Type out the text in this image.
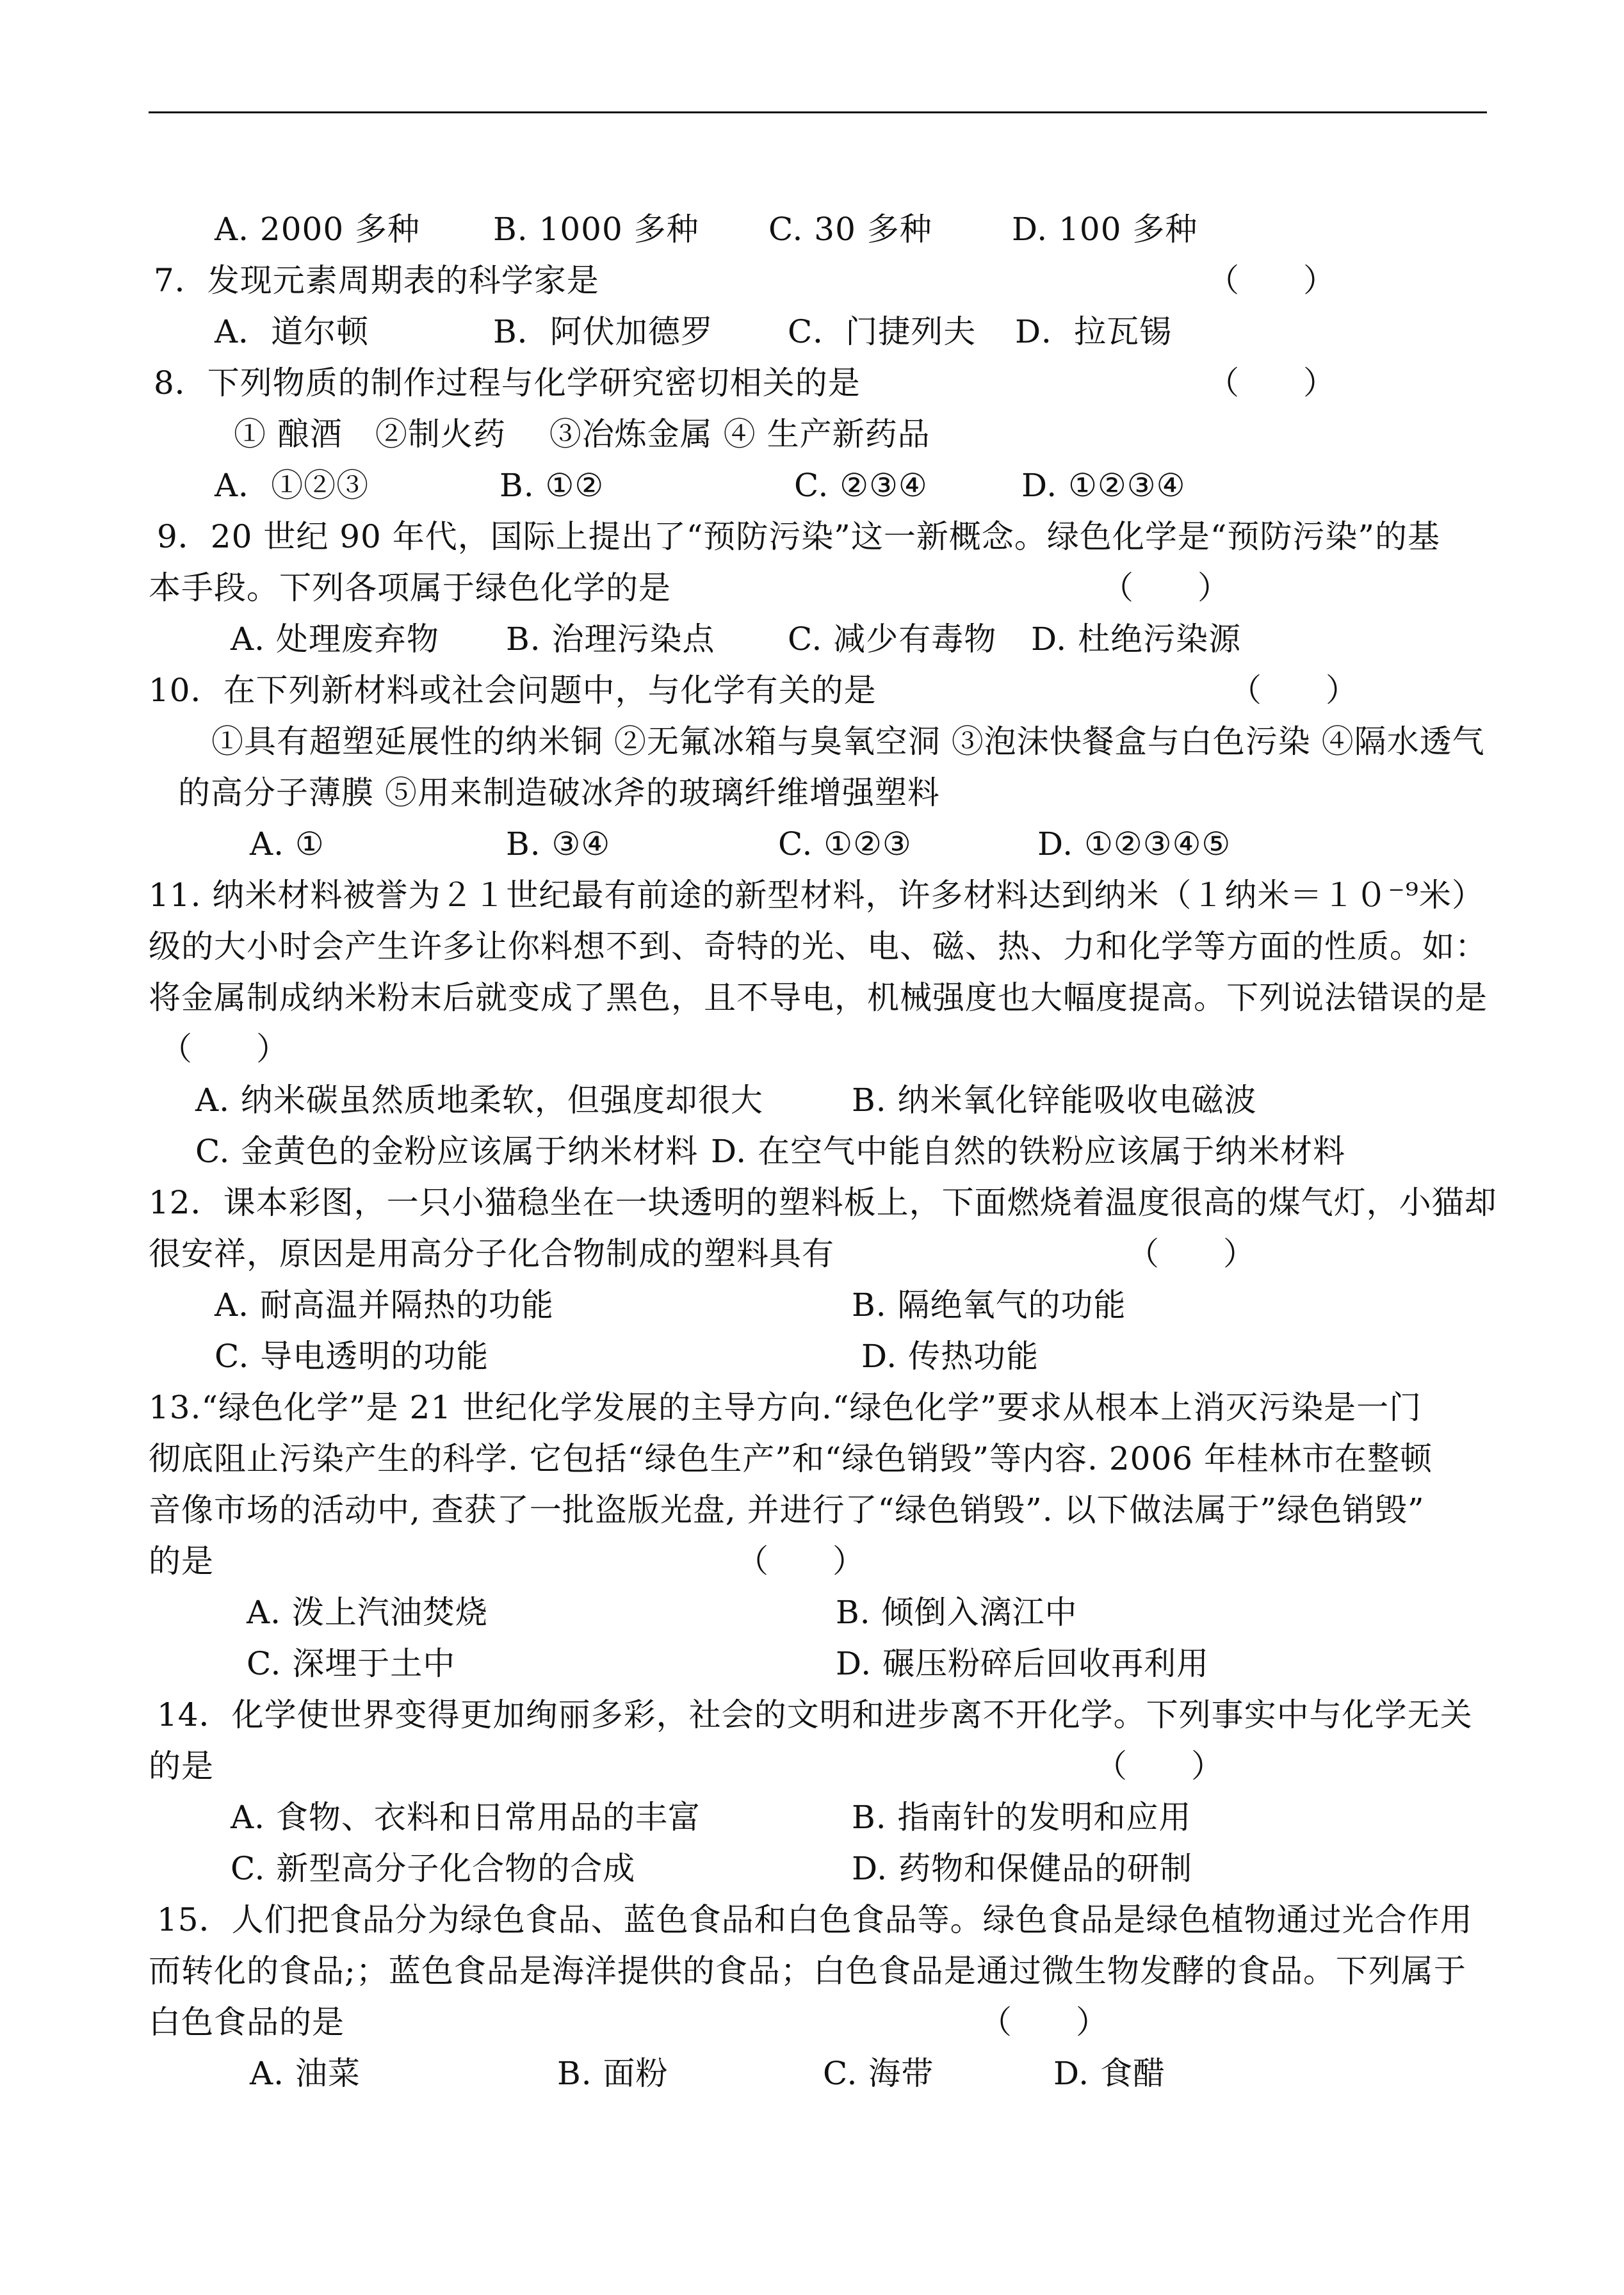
A. 2000 多种 B. 1000 多种 C. 30 多种 D. 100 多种
7．发现元素周期表的科学家是	（　　）
A．道尔顿	B．阿伏加德罗 C．门捷列夫 D．拉瓦锡
8．下列物质的制作过程与化学研究密切相关的是	（　　）
① 酿酒　②制火药　 ③冶炼金属 ④ 生产新药品
A．①②③	B. ①②	C. ②③④	D. ①②③④
9．20 世纪 90 年代，国际上提出了“预防污染”这一新概念。绿色化学是“预防污染”的基
本手段。下列各项属于绿色化学的是	（　　）
A. 处理废弃物 B. 治理污染点 C. 减少有毒物 D. 杜绝污染源
10．在下列新材料或社会问题中，与化学有关的是	（　　）
①具有超塑延展性的纳米铜 ②无氟冰箱与臭氧空洞 ③泡沫快餐盒与白色污染 ④隔水透气
的高分子薄膜 ⑤用来制造破冰斧的玻璃纤维增强塑料
A. ①	B. ③④	C. ①②③	D. ①②③④⑤
11. 纳米材料被誉为２１世纪最有前途的新型材料，许多材料达到纳米（１纳米＝１０⁻⁹米）
级的大小时会产生许多让你料想不到、奇特的光、电、磁、热、力和化学等方面的性质。如：
将金属制成纳米粉末后就变成了黑色，且不导电，机械强度也大幅度提高。下列说法错误的是
（　　）
A. 纳米碳虽然质地柔软，但强度却很大	B. 纳米氧化锌能吸收电磁波
C. 金黄色的金粉应该属于纳米材料 D. 在空气中能自然的铁粉应该属于纳米材料
12．课本彩图，一只小猫稳坐在一块透明的塑料板上，下面燃烧着温度很高的煤气灯，小猫却
很安祥，原因是用高分子化合物制成的塑料具有	（　　）
A. 耐高温并隔热的功能	B. 隔绝氧气的功能
C. 导电透明的功能	D. 传热功能
13.“绿色化学”是 21 世纪化学发展的主导方向.“绿色化学”要求从根本上消灭污染是一门
彻底阻止污染产生的科学. 它包括“绿色生产”和“绿色销毁”等内容. 2006 年桂林市在整顿
音像市场的活动中, 查获了一批盗版光盘, 并进行了“绿色销毁”. 以下做法属于”绿色销毁”
的是	（　　）
A. 泼上汽油焚烧	B. 倾倒入漓江中
C. 深埋于土中	D. 碾压粉碎后回收再利用
14．化学使世界变得更加绚丽多彩，社会的文明和进步离不开化学。下列事实中与化学无关
的是	（　　）
A. 食物、衣料和日常用品的丰富	B. 指南针的发明和应用
C. 新型高分子化合物的合成	D. 药物和保健品的研制
15．人们把食品分为绿色食品、蓝色食品和白色食品等。绿色食品是绿色植物通过光合作用
而转化的食品;；蓝色食品是海洋提供的食品；白色食品是通过微生物发酵的食品。下列属于
白色食品的是	（　　）
A. 油菜	B. 面粉	C. 海带	D. 食醋
